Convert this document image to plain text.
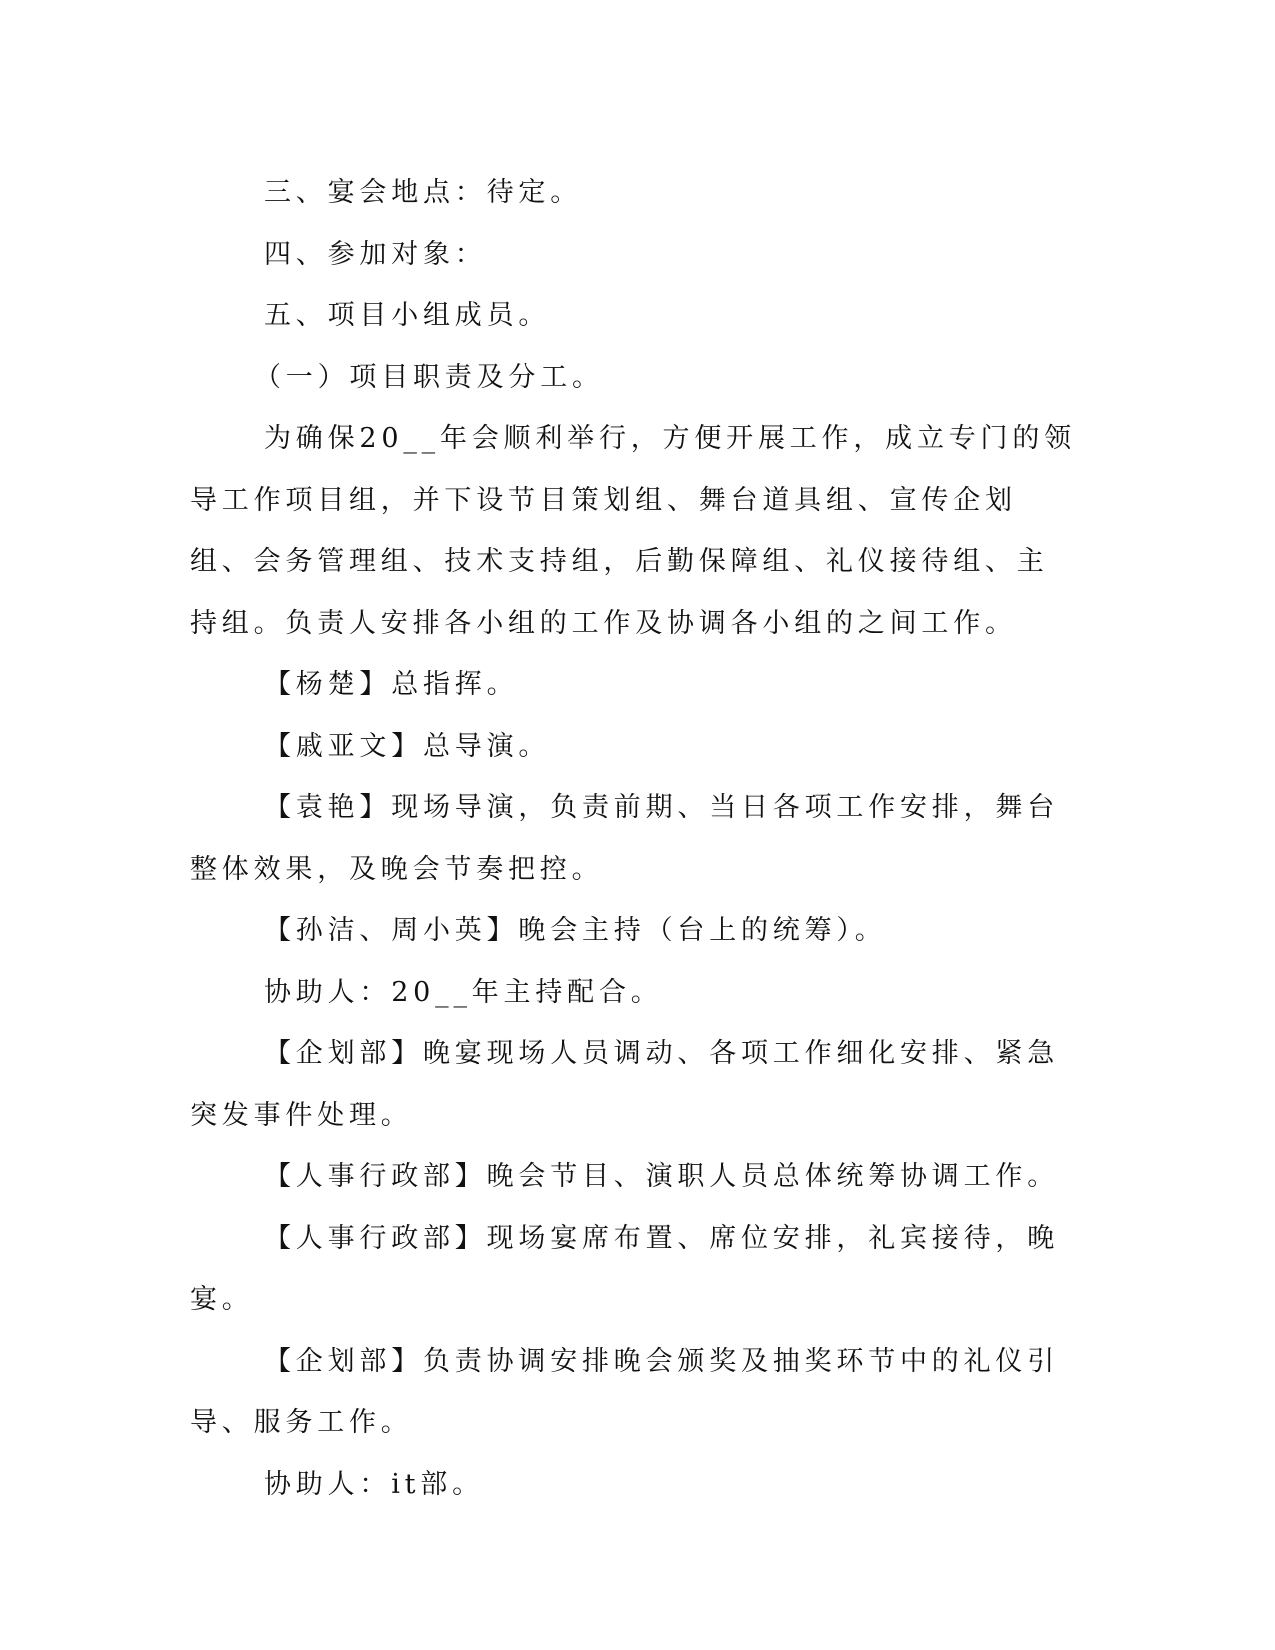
三、宴会地点：待定。

四、参加对象：

五、项目小组成员。

（一）项目职责及分工。

为确保20__年会顺利举行，方便开展工作，成立专门的领导工作项目组，并下设节目策划组、舞台道具组、宣传企划组、会务管理组、技术支持组，后勤保障组、礼仪接待组、主持组。负责人安排各小组的工作及协调各小组的之间工作。

【杨楚】总指挥。

【戚亚文】总导演。

【袁艳】现场导演，负责前期、当日各项工作安排，舞台整体效果，及晚会节奏把控。

【孙洁、周小英】晚会主持（台上的统筹）。

协助人：20__年主持配合。

【企划部】晚宴现场人员调动、各项工作细化安排、紧急突发事件处理。

【人事行政部】晚会节目、演职人员总体统筹协调工作。

【人事行政部】现场宴席布置、席位安排，礼宾接待，晚宴。

【企划部】负责协调安排晚会颁奖及抽奖环节中的礼仪引导、服务工作。

协助人：it部。
